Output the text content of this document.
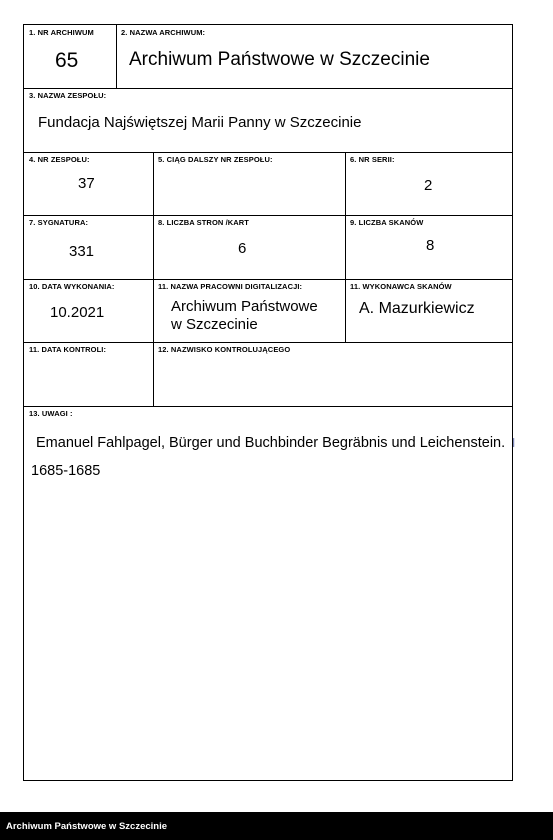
1. NR ARCHIWUM
65
2. NAZWA ARCHIWUM:
Archiwum Państwowe w Szczecinie
3. NAZWA ZESPOŁU:
Fundacja Najświętszej Marii Panny w Szczecinie
4. NR ZESPOŁU:
37
5. CIĄG DALSZY NR ZESPOŁU:	6. NR SERII:
2
7. SYGNATURA:
331
8. LICZBA STRON /KART
6
9. LICZBA SKANÓW
8
10. DATA WYKONANIA:
10.2021
11. NAZWA PRACOWNI DIGITALIZACJI:
Archiwum Państwowe
w Szczecinie
11. WYKONAWCA SKANÓW
A. Mazurkiewicz
11. DATA KONTROLI:	12. NAZWISKO KONTROLUJĄCEGO
13. UWAGI :
Emanuel Fahlpagel, Bürger und Buchbinder Begräbnis und Leichenstein.
1685-1685
❘
Archiwum Państwowe w Szczecinie
